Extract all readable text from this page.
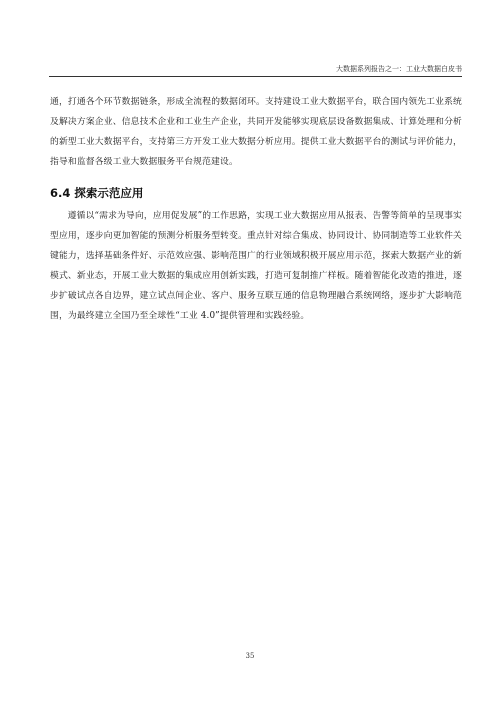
大数据系列报告之一：工业大数据白皮书

通，打通各个环节数据链条，形成全流程的数据闭环。支持建设工业大数据平台，联合国内领先工业系统及解决方案企业、信息技术企业和工业生产企业，共同开发能够实现底层设备数据集成、计算处理和分析的新型工业大数据平台，支持第三方开发工业大数据分析应用。提供工业大数据平台的测试与评价能力，指导和监督各级工业大数据服务平台规范建设。

6.4 探索示范应用

遵循以“需求为导向，应用促发展”的工作思路，实现工业大数据应用从报表、告警等简单的呈现事实型应用，逐步向更加智能的预测分析服务型转变。重点针对综合集成、协同设计、协同制造等工业软件关键能力，选择基础条件好、示范效应强、影响范围广的行业领域积极开展应用示范，探索大数据产业的新模式、新业态，开展工业大数据的集成应用创新实践，打造可复制推广样板。随着智能化改造的推进，逐步扩破试点各自边界，建立试点间企业、客户、服务互联互通的信息物理融合系统网络，逐步扩大影响范围，为最终建立全国乃至全球性“工业 4.0”提供管理和实践经验。

35
